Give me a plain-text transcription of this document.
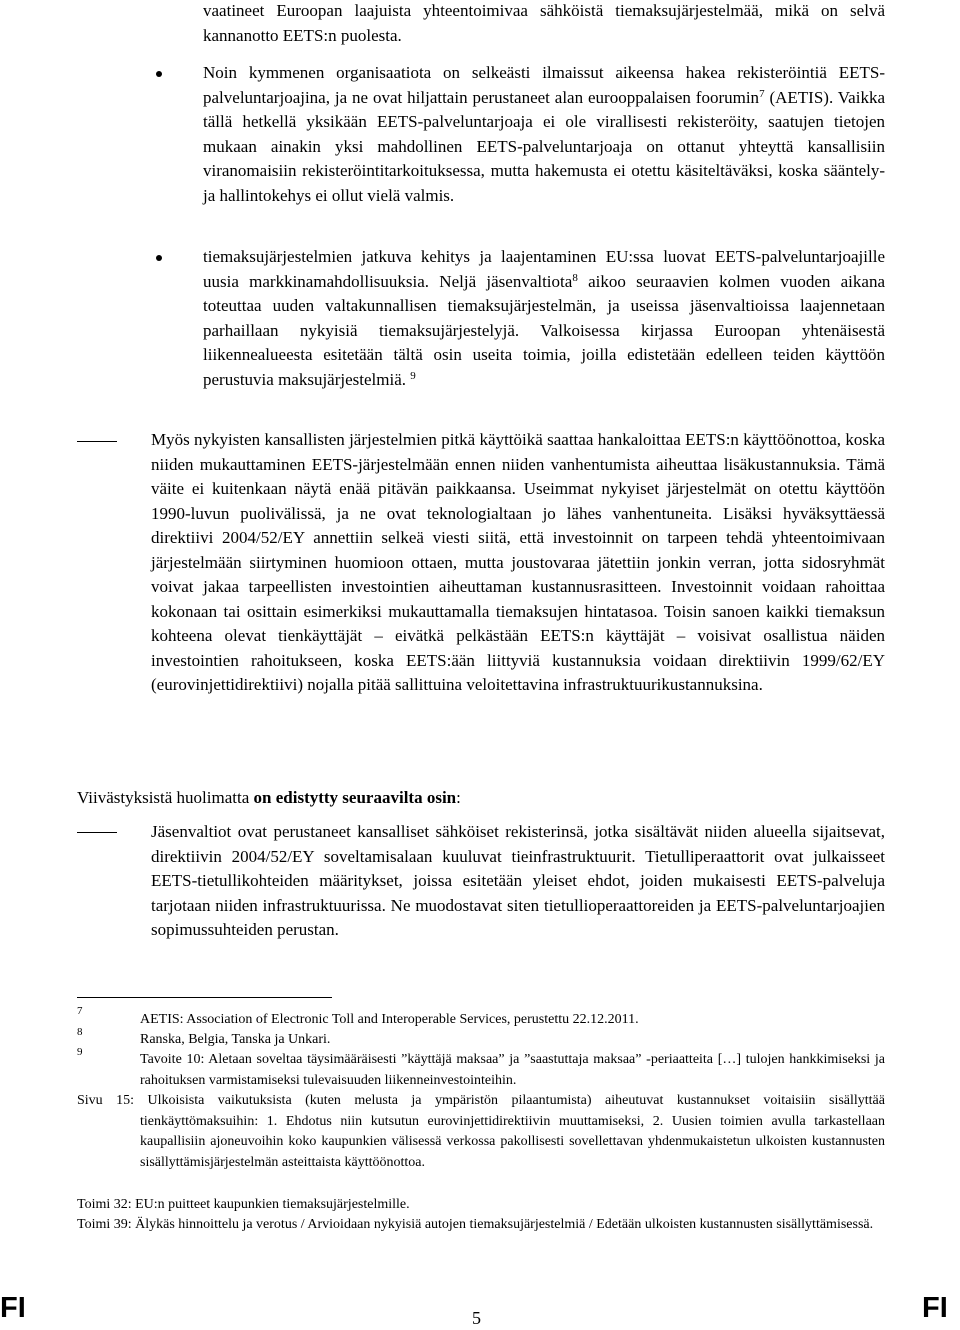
vaatineet Euroopan laajuista yhteentoimivaa sähköistä tiemaksujärjestelmää, mikä on selvä kannanotto EETS:n puolesta.

Noin kymmenen organisaatiota on selkeästi ilmaissut aikeensa hakea rekisteröintiä EETS-palveluntarjoajina, ja ne ovat hiljattain perustaneet alan eurooppalaisen foorumin$^7$ (AETIS). Vaikka tällä hetkellä yksikään EETS-palveluntarjoaja ei ole virallisesti rekisteröity, saatujen tietojen mukaan ainakin yksi mahdollinen EETS-palveluntarjoaja on ottanut yhteyttä kansallisiin viranomaisiin rekisteröintitarkoituksessa, mutta hakemusta ei otettu käsiteltäväksi, koska sääntely- ja hallintokehys ei ollut vielä valmis.

tiemaksujärjestelmien jatkuva kehitys ja laajentaminen EU:ssa luovat EETS-palveluntarjoajille uusia markkinamahdollisuuksia. Neljä jäsenvaltiota$^8$ aikoo seuraavien kolmen vuoden aikana toteuttaa uuden valtakunnallisen tiemaksujärjestelmän, ja useissa jäsenvaltioissa laajennetaan parhaillaan nykyisiä tiemaksujärjestelyjä. Valkoisessa kirjassa Euroopan yhtenäisestä liikennealueesta esitetään tältä osin useita toimia, joilla edistetään edelleen teiden käyttöön perustuvia maksujärjestelmiä. $^9$

Myös nykyisten kansallisten järjestelmien pitkä käyttöikä saattaa hankaloittaa EETS:n käyttöönottoa, koska niiden mukauttaminen EETS-järjestelmään ennen niiden vanhentumista aiheuttaa lisäkustannuksia. Tämä väite ei kuitenkaan näytä enää pitävän paikkaansa. Useimmat nykyiset järjestelmät on otettu käyttöön 1990-luvun puolivälissä, ja ne ovat teknologialtaan jo lähes vanhentuneita. Lisäksi hyväksyttäessä direktiivi 2004/52/EY annettiin selkeä viesti siitä, että investoinnit on tarpeen tehdä yhteentoimivaan järjestelmään siirtyminen huomioon ottaen, mutta joustovaraa jätettiin jonkin verran, jotta sidosryhmät voivat jakaa tarpeellisten investointien aiheuttaman kustannusrasitteen. Investoinnit voidaan rahoittaa kokonaan tai osittain esimerkiksi mukauttamalla tiemaksujen hintatasoa. Toisin sanoen kaikki tiemaksun kohteena olevat tienkäyttäjät – eivätkä pelkästään EETS:n käyttäjät – voisivat osallistua näiden investointien rahoitukseen, koska EETS:ään liittyviä kustannuksia voidaan direktiivin 1999/62/EY (eurovinjettidirektiivi) nojalla pitää sallittuina veloitettavina infrastruktuurikustannuksina.

Viivästyksistä huolimatta on edistytty seuraavilta osin:

Jäsenvaltiot ovat perustaneet kansalliset sähköiset rekisterinsä, jotka sisältävät niiden alueella sijaitsevat, direktiivin 2004/52/EY soveltamisalaan kuuluvat tieinfrastruktuurit. Tietulliperaattorit ovat julkaisseet EETS-tietullikohteiden määritykset, joissa esitetään yleiset ehdot, joiden mukaisesti EETS-palveluja tarjotaan niiden infrastruktuurissa. Ne muodostavat siten tietullioperaattoreiden ja EETS-palveluntarjoajien sopimussuhteiden perustan.

7

AETIS: Association of Electronic Toll and Interoperable Services, perustettu 22.12.2011.

8	Ranska, Belgia, Tanska ja Unkari.

9	Tavoite 10: Aletaan soveltaa täysimääräisesti ”käyttäjä maksaa” ja ”saastuttaja maksaa” -periaatteita […] tulojen hankkimiseksi ja rahoituksen varmistamiseksi tulevaisuuden liikenneinvestointeihin.

Sivu 15: Ulkoisista vaikutuksista (kuten melusta ja ympäristön pilaantumista) aiheutuvat kustannukset voitaisiin sisällyttää tienkäyttömaksuihin: 1. Ehdotus niin kutsutun eurovinjettidirektiivin muuttamiseksi, 2. Uusien toimien avulla tarkastellaan kaupallisiin ajoneuvoihin koko kaupunkien välisessä verkossa pakollisesti sovellettavan yhdenmukaistetun ulkoisten kustannusten sisällyttämisjärjestelmän asteittaista käyttöönottoa.

Toimi 32: EU:n puitteet kaupunkien tiemaksujärjestelmille.

Toimi 39: Älykäs hinnoittelu ja verotus / Arvioidaan nykyisiä autojen tiemaksujärjestelmiä / Edetään ulkoisten kustannusten sisällyttämisessä.

FI	5	FI
